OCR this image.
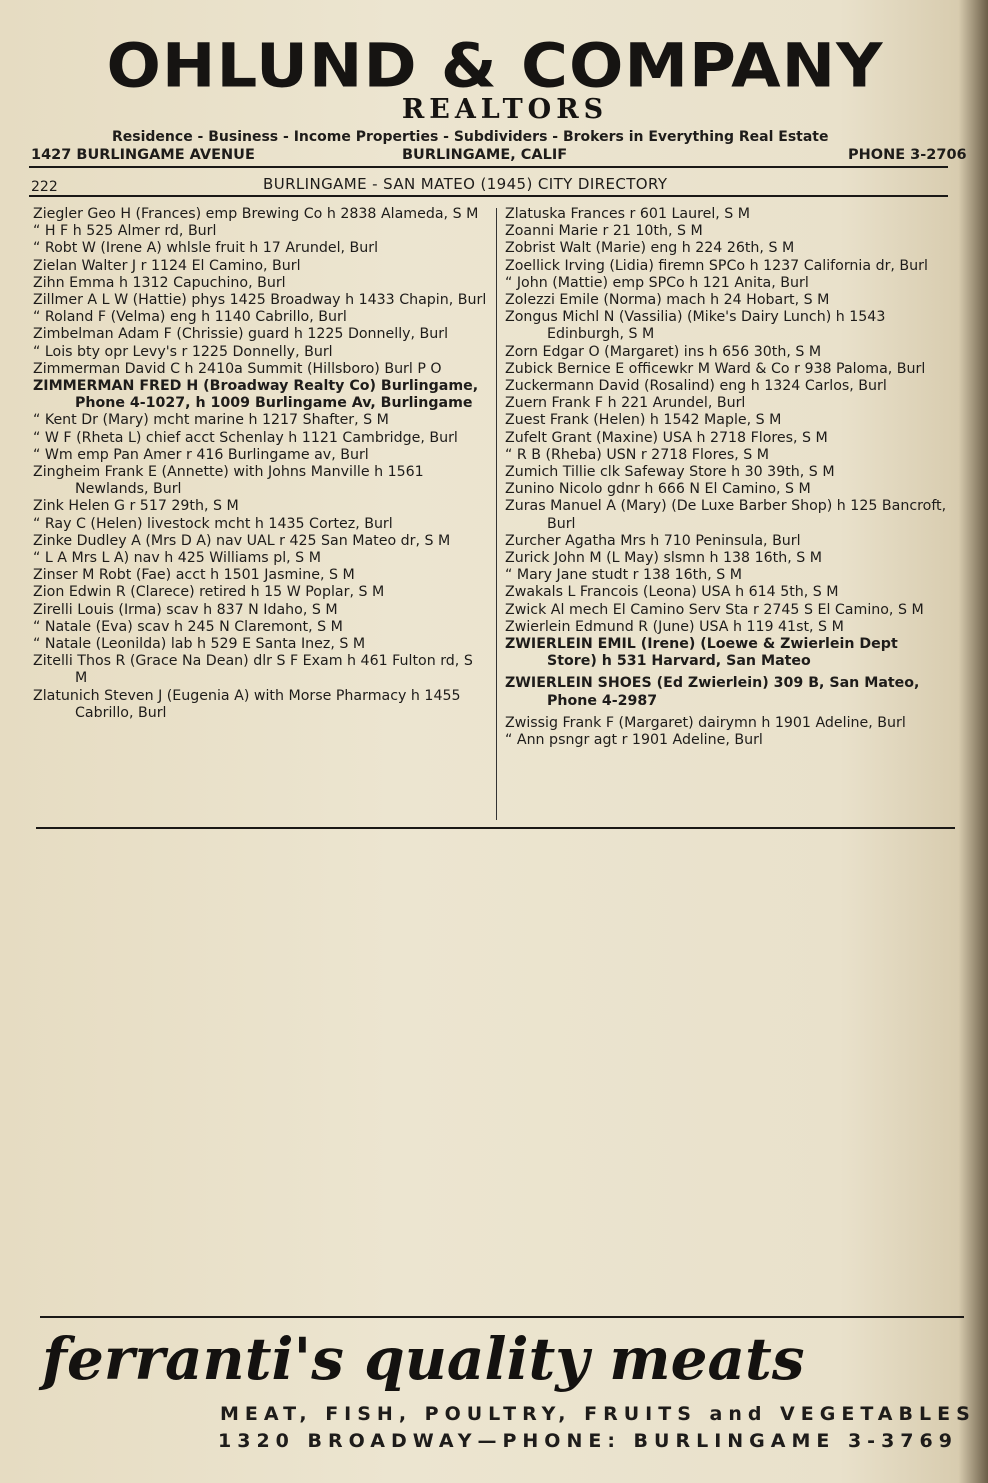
OHLUND & COMPANY
REALTORS
Residence - Business - Income Properties - Subdividers - Brokers in Everything Real Estate
1427 BURLINGAME AVENUE	BURLINGAME, CALIF	PHONE 3-2706
222	BURLINGAME - SAN MATEO (1945) CITY DIRECTORY

Ziegler Geo H (Frances) emp Brewing Co h 2838 Alameda, S M

“ H F h 525 Almer rd, Burl

“ Robt W (Irene A) whlsle fruit h 17 Arundel, Burl

Zielan Walter J r 1124 El Camino, Burl

Zihn Emma h 1312 Capuchino, Burl

Zillmer A L W (Hattie) phys 1425 Broadway h 1433 Chapin, Burl

“ Roland F (Velma) eng h 1140 Cabrillo, Burl

Zimbelman Adam F (Chrissie) guard h 1225 Donnelly, Burl

“ Lois bty opr Levy's r 1225 Donnelly, Burl

Zimmerman David C h 2410a Summit (Hillsboro) Burl P O

ZIMMERMAN FRED H (Broadway Realty Co) Burlingame, Phone 4-1027, h 1009 Burlingame Av, Burlingame

“ Kent Dr (Mary) mcht marine h 1217 Shafter, S M

“ W F (Rheta L) chief acct Schenlay h 1121 Cambridge, Burl

“ Wm emp Pan Amer r 416 Burlingame av, Burl

Zingheim Frank E (Annette) with Johns Manville h 1561 Newlands, Burl

Zink Helen G r 517 29th, S M

“ Ray C (Helen) livestock mcht h 1435 Cortez, Burl

Zinke Dudley A (Mrs D A) nav UAL r 425 San Mateo dr, S M

“ L A Mrs L A) nav h 425 Williams pl, S M

Zinser M Robt (Fae) acct h 1501 Jasmine, S M

Zion Edwin R (Clarece) retired h 15 W Poplar, S M

Zirelli Louis (Irma) scav h 837 N Idaho, S M

“ Natale (Eva) scav h 245 N Claremont, S M

“ Natale (Leonilda) lab h 529 E Santa Inez, S M

Zitelli Thos R (Grace Na Dean) dlr S F Exam h 461 Fulton rd, S M

Zlatunich Steven J (Eugenia A) with Morse Pharmacy h 1455 Cabrillo, Burl

Zlatuska Frances r 601 Laurel, S M

Zoanni Marie r 21 10th, S M

Zobrist Walt (Marie) eng h 224 26th, S M

Zoellick Irving (Lidia) firemn SPCo h 1237 California dr, Burl

“ John (Mattie) emp SPCo h 121 Anita, Burl

Zolezzi Emile (Norma) mach h 24 Hobart, S M

Zongus Michl N (Vassilia) (Mike's Dairy Lunch) h 1543 Edinburgh, S M

Zorn Edgar O (Margaret) ins h 656 30th, S M

Zubick Bernice E officewkr M Ward & Co r 938 Paloma, Burl

Zuckermann David (Rosalind) eng h 1324 Carlos, Burl

Zuern Frank F h 221 Arundel, Burl

Zuest Frank (Helen) h 1542 Maple, S M

Zufelt Grant (Maxine) USA h 2718 Flores, S M

“ R B (Rheba) USN r 2718 Flores, S M

Zumich Tillie clk Safeway Store h 30 39th, S M

Zunino Nicolo gdnr h 666 N El Camino, S M

Zuras Manuel A (Mary) (De Luxe Barber Shop) h 125 Bancroft, Burl

Zurcher Agatha Mrs h 710 Peninsula, Burl

Zurick John M (L May) slsmn h 138 16th, S M

“ Mary Jane studt r 138 16th, S M

Zwakals L Francois (Leona) USA h 614 5th, S M

Zwick Al mech El Camino Serv Sta r 2745 S El Camino, S M

Zwierlein Edmund R (June) USA h 119 41st, S M

ZWIERLEIN EMIL (Irene) (Loewe & Zwierlein Dept Store) h 531 Harvard, San Mateo

ZWIERLEIN SHOES (Ed Zwierlein) 309 B, San Mateo, Phone 4-2987

Zwissig Frank F (Margaret) dairymn h 1901 Adeline, Burl

“ Ann psngr agt r 1901 Adeline, Burl

ferranti's quality meats
MEAT, FISH, POULTRY, FRUITS and VEGETABLES
1320 BROADWAY—PHONE: BURLINGAME 3-3769
